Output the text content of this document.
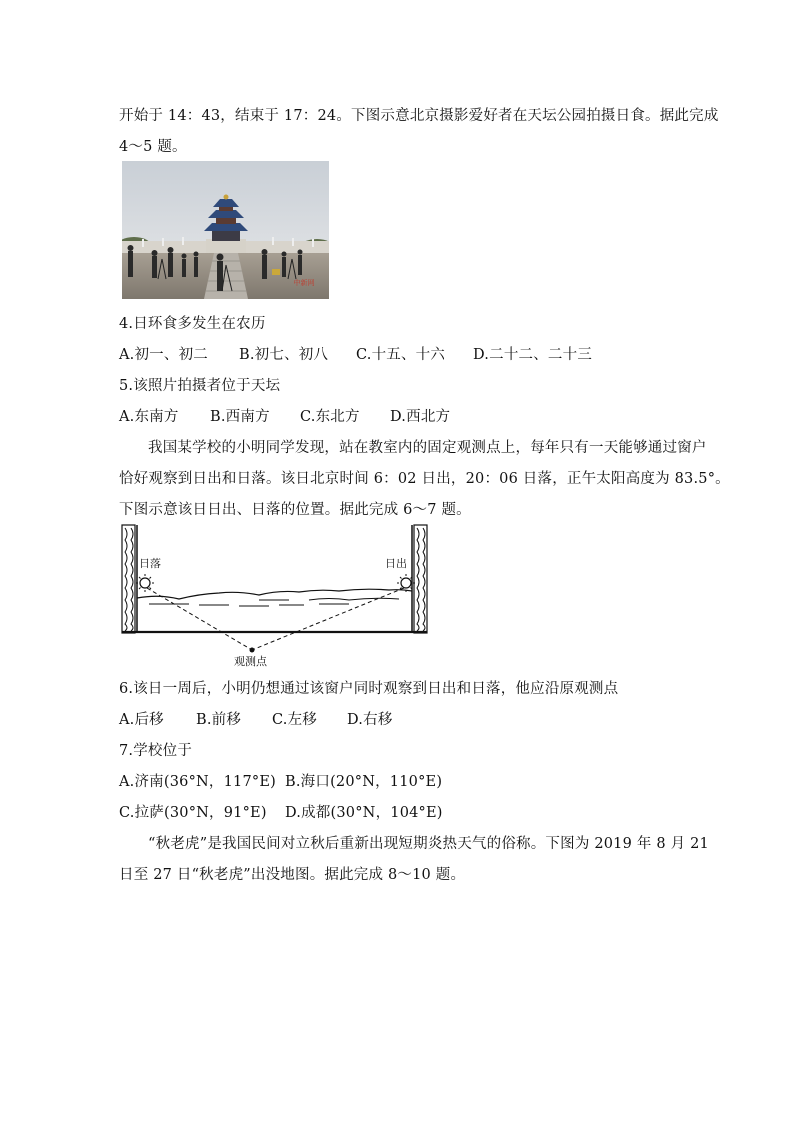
开始于 14：43，结束于 17：24。下图示意北京摄影爱好者在天坛公园拍摄日食。据此完成
4～5 题。
中新网
4.日环食多发生在农历
A.初一、初二 B.初七、初八 C.十五、十六 D.二十二、二十三
5.该照片拍摄者位于天坛
A.东南方 B.西南方 C.东北方 D.西北方
我国某学校的小明同学发现，站在教室内的固定观测点上，每年只有一天能够通过窗户
恰好观察到日出和日落。该日北京时间 6：02 日出，20：06 日落，正午太阳高度为 83.5°。
下图示意该日日出、日落的位置。据此完成 6～7 题。
日落	日出
观测点
6.该日一周后，小明仍想通过该窗户同时观察到日出和日落，他应沿原观测点
A.后移 B.前移 C.左移 D.右移
7.学校位于
A.济南(36°N，117°E) B.海口(20°N，110°E)
C.拉萨(30°N，91°E) D.成都(30°N，104°E)
“秋老虎”是我国民间对立秋后重新出现短期炎热天气的俗称。下图为 2019 年 8 月 21
日至 27 日“秋老虎”出没地图。据此完成 8～10 题。
